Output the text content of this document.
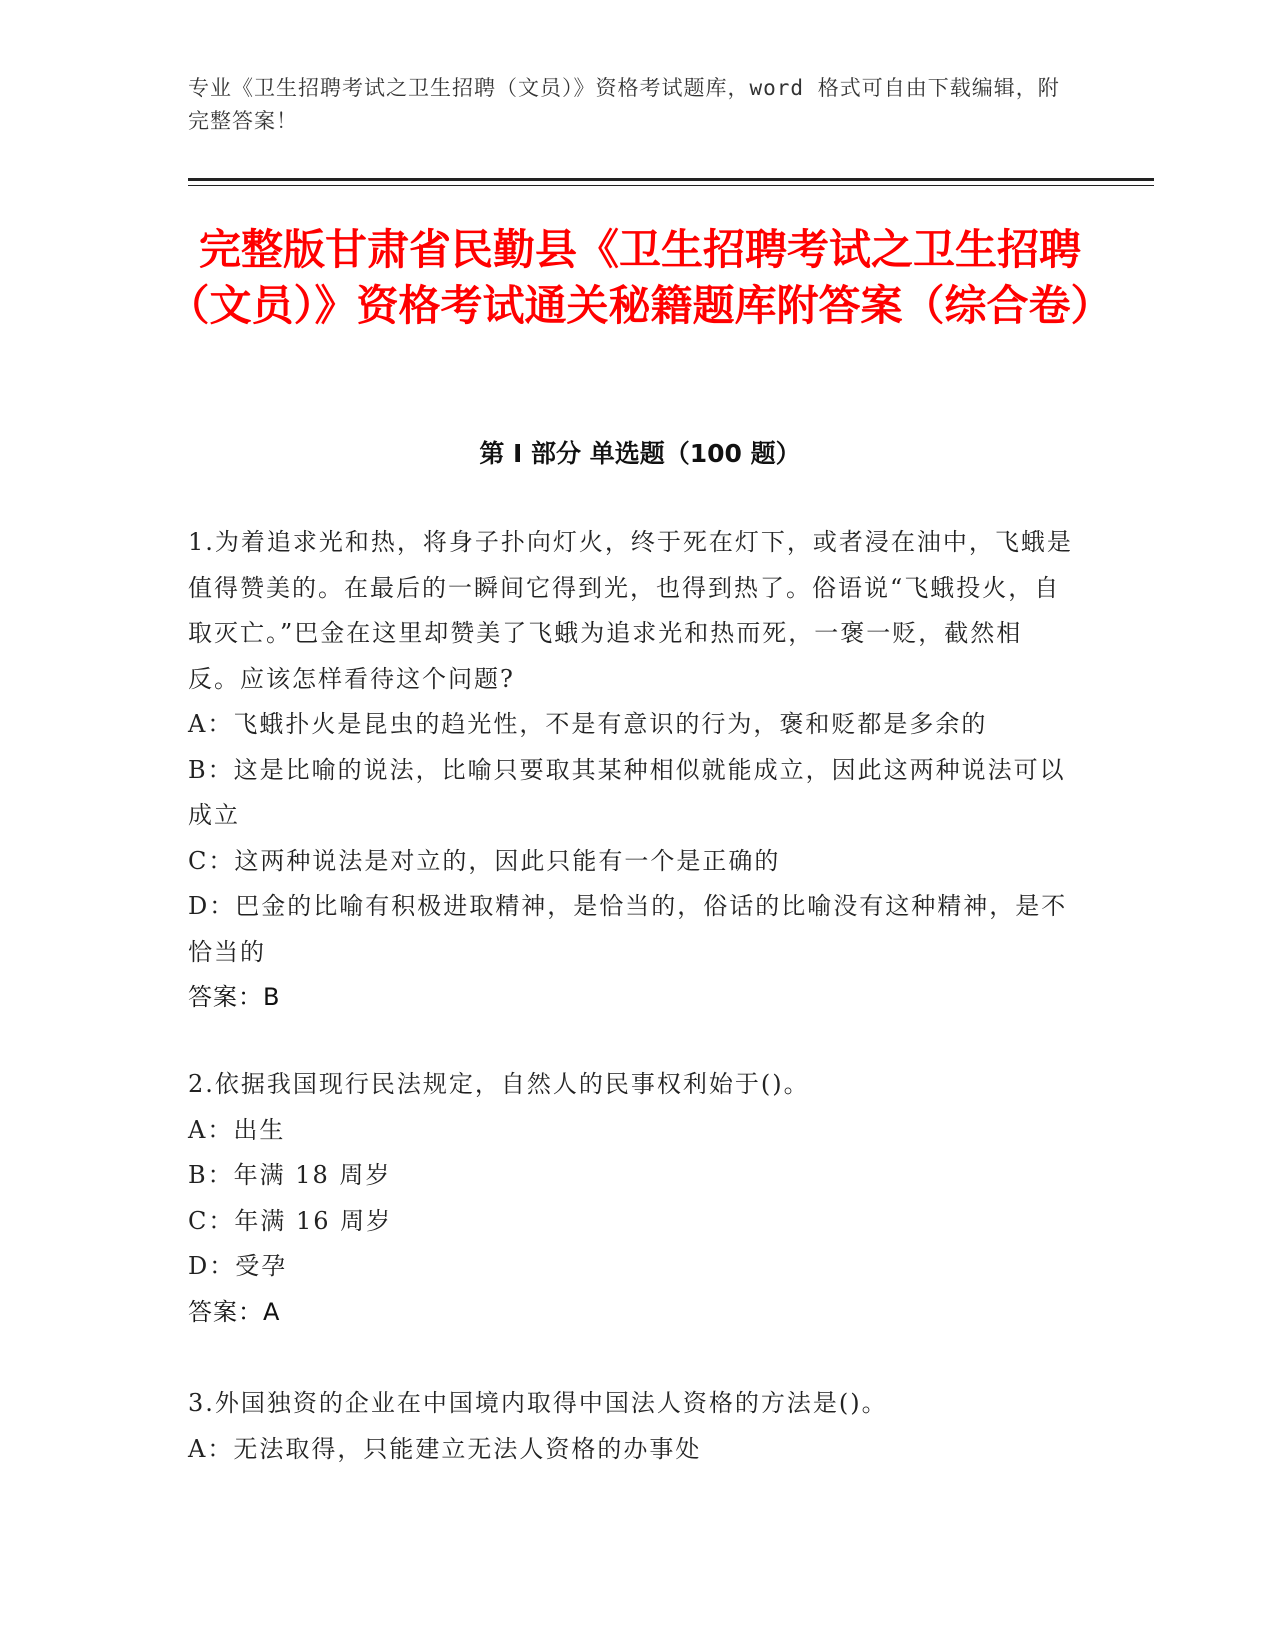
专业《卫生招聘考试之卫生招聘（文员）》资格考试题库，word 格式可自由下载编辑，附完整答案！
完整版甘肃省民勤县《卫生招聘考试之卫生招聘（文员）》资格考试通关秘籍题库附答案（综合卷）
第 I 部分 单选题（100 题）

1.为着追求光和热，将身子扑向灯火，终于死在灯下，或者浸在油中，飞蛾是值得赞美的。在最后的一瞬间它得到光，也得到热了。俗语说“飞蛾投火，自取灭亡。”巴金在这里却赞美了飞蛾为追求光和热而死，一褒一贬，截然相反。应该怎样看待这个问题?

A：飞蛾扑火是昆虫的趋光性，不是有意识的行为，褒和贬都是多余的

B：这是比喻的说法，比喻只要取其某种相似就能成立，因此这两种说法可以成立

C：这两种说法是对立的，因此只能有一个是正确的

D：巴金的比喻有积极进取精神，是恰当的，俗话的比喻没有这种精神，是不恰当的

答案：B

2.依据我国现行民法规定，自然人的民事权利始于()。

A：出生

B：年满 18 周岁

C：年满 16 周岁

D：受孕

答案：A

3.外国独资的企业在中国境内取得中国法人资格的方法是()。

A：无法取得，只能建立无法人资格的办事处
